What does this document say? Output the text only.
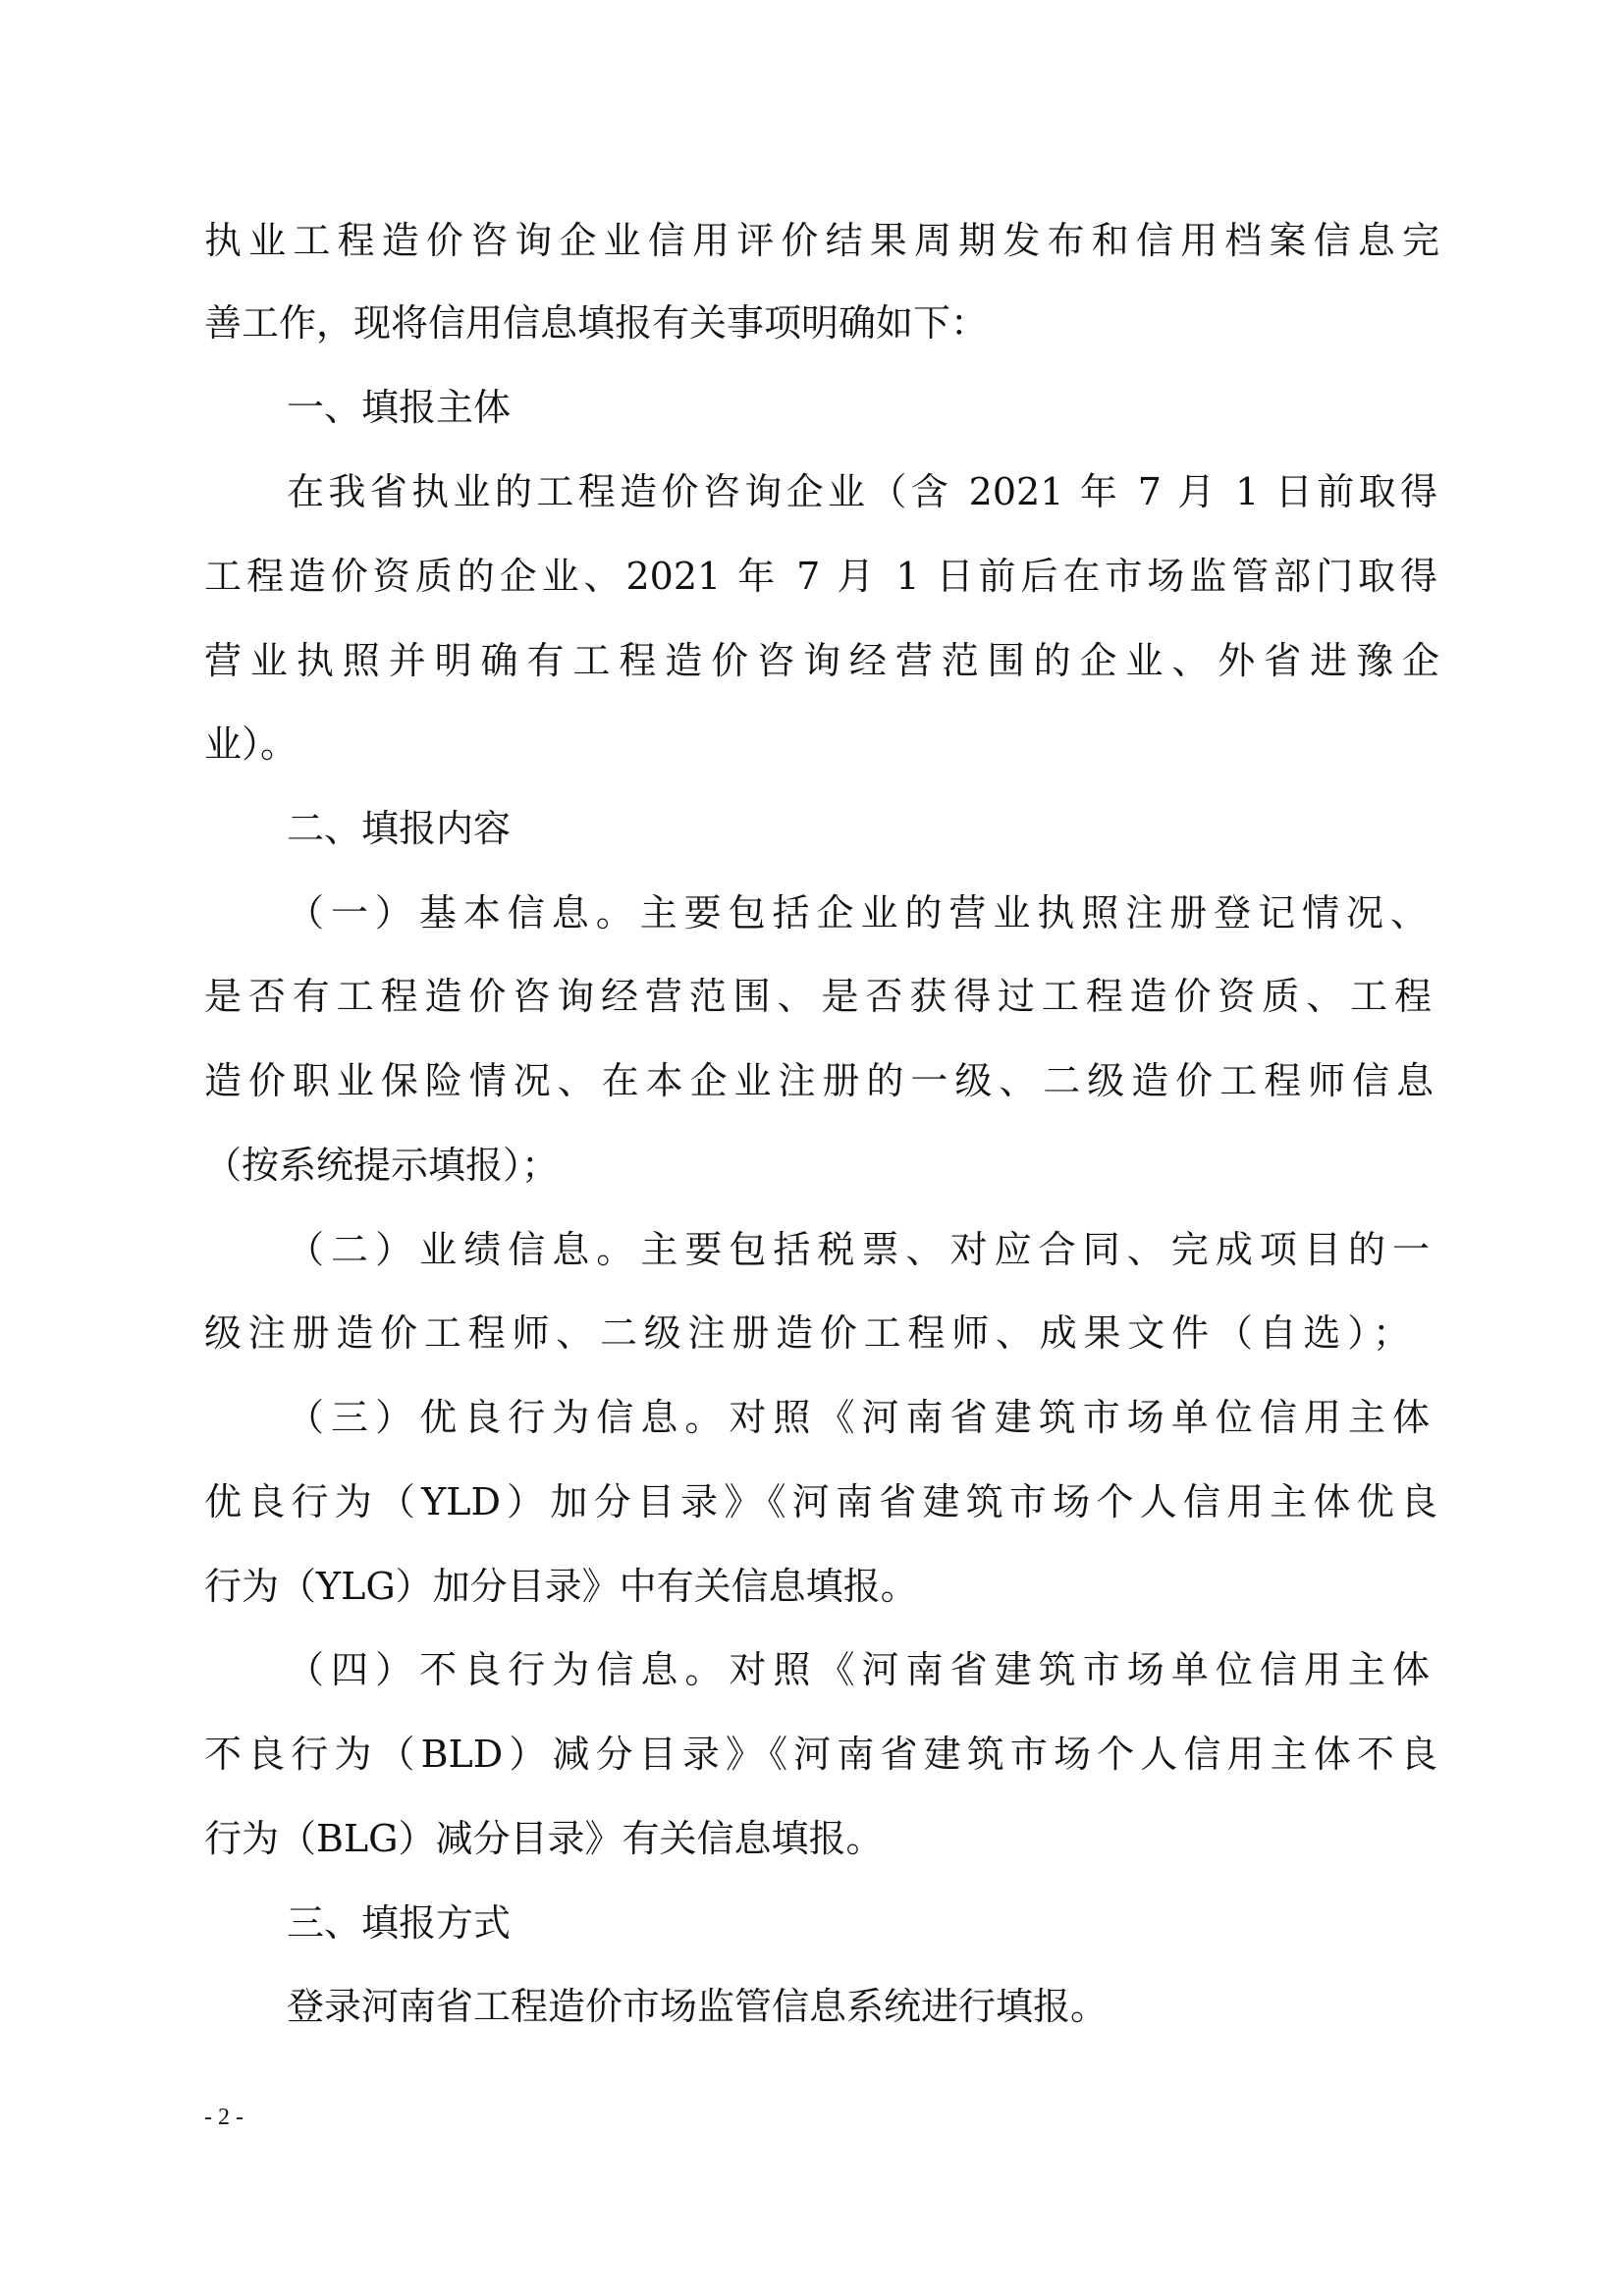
执业工程造价咨询企业信用评价结果周期发布和信用档案信息完

善工作，现将信用信息填报有关事项明确如下：

一、填报主体

在我省执业的工程造价咨询企业（含 2021 年 7 月 1 日前取得

工程造价资质的企业、2021 年 7 月 1 日前后在市场监管部门取得

营业执照并明确有工程造价咨询经营范围的企业、外省进豫企

业）。

二、填报内容

（一）基本信息。主要包括企业的营业执照注册登记情况、

是否有工程造价咨询经营范围、是否获得过工程造价资质、工程

造价职业保险情况、在本企业注册的一级、二级造价工程师信息

（按系统提示填报）；

（二）业绩信息。主要包括税票、对应合同、完成项目的一

级注册造价工程师、二级注册造价工程师、成果文件（自选）；

（三）优良行为信息。对照《河南省建筑市场单位信用主体

优良行为（YLD）加分目录》《河南省建筑市场个人信用主体优良

行为（YLG）加分目录》中有关信息填报。

（四）不良行为信息。对照《河南省建筑市场单位信用主体

不良行为（BLD）减分目录》《河南省建筑市场个人信用主体不良

行为（BLG）减分目录》有关信息填报。

三、填报方式

登录河南省工程造价市场监管信息系统进行填报。

- 2 -
